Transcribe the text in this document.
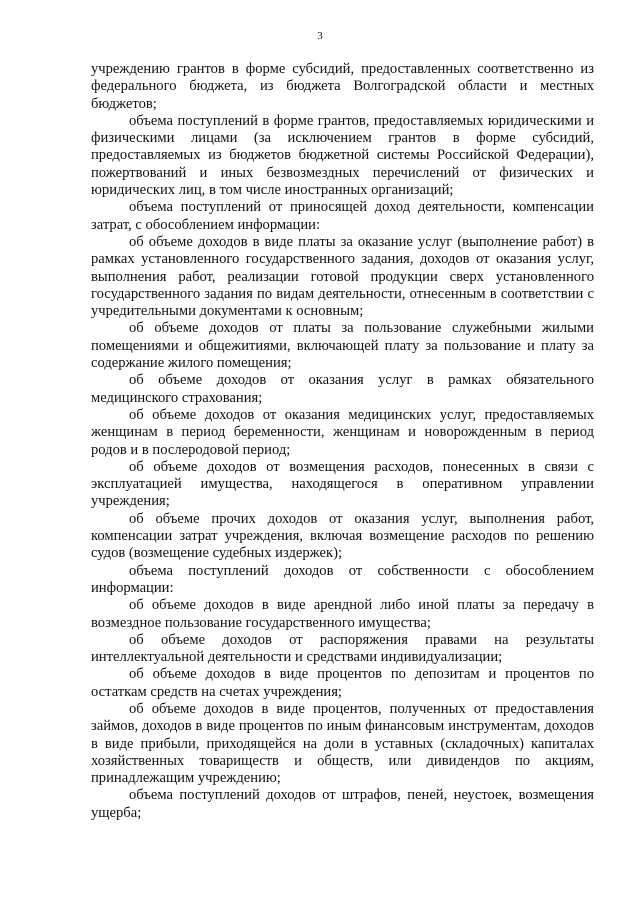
3

учреждению грантов в форме субсидий, предоставленных соответственно из федерального бюджета, из бюджета Волгоградской области и местных бюджетов;

объема поступлений в форме грантов, предоставляемых юридическими и физическими лицами (за исключением грантов в форме субсидий, предоставляемых из бюджетов бюджетной системы Российской Федерации), пожертвований и иных безвозмездных перечислений от физических и юридических лиц, в том числе иностранных организаций;

объема поступлений от приносящей доход деятельности, компенсации затрат, с обособлением информации:

об объеме доходов в виде платы за оказание услуг (выполнение работ) в рамках установленного государственного задания, доходов от оказания услуг, выполнения работ, реализации готовой продукции сверх установленного государственного задания по видам деятельности, отнесенным в соответствии с учредительными документами к основным;

об объеме доходов от платы за пользование служебными жилыми помещениями и общежитиями, включающей плату за пользование и плату за содержание жилого помещения;

об объеме доходов от оказания услуг в рамках обязательного медицинского страхования;

об объеме доходов от оказания медицинских услуг, предоставляемых женщинам в период беременности, женщинам и новорожденным в период родов и в послеродовой период;

об объеме доходов от возмещения расходов, понесенных в связи с эксплуатацией имущества, находящегося в оперативном управлении учреждения;

об объеме прочих доходов от оказания услуг, выполнения работ, компенсации затрат учреждения, включая возмещение расходов по решению судов (возмещение судебных издержек);

объема поступлений доходов от собственности с обособлением информации:

об объеме доходов в виде арендной либо иной платы за передачу в возмездное пользование государственного имущества;

об объеме доходов от распоряжения правами на результаты интеллектуальной деятельности и средствами индивидуализации;

об объеме доходов в виде процентов по депозитам и процентов по остаткам средств на счетах учреждения;

об объеме доходов в виде процентов, полученных от предоставления займов, доходов в виде процентов по иным финансовым инструментам, доходов в виде прибыли, приходящейся на доли в уставных (складочных) капиталах хозяйственных товариществ и обществ, или дивидендов по акциям, принадлежащим учреждению;

объема поступлений доходов от штрафов, пеней, неустоек, возмещения ущерба;
